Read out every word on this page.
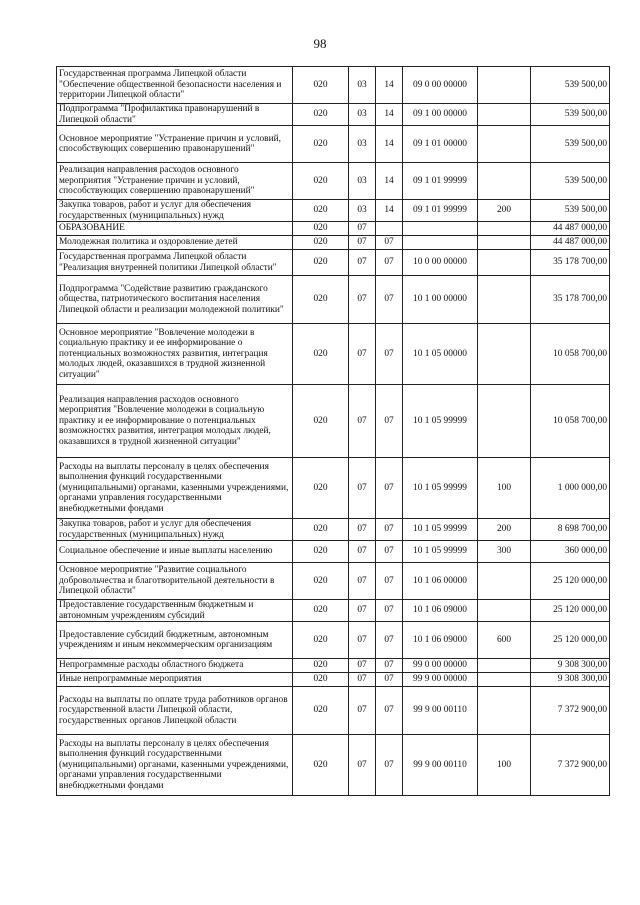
98
Государственная программа Липецкой области "Обеспечение общественной безопасности населения и территории Липецкой области"	020	03	14	09 0 00 00000		539 500,00
Подпрограмма "Профилактика правонарушений в Липецкой области"	020	03	14	09 1 00 00000		539 500,00
Основное мероприятие "Устранение причин и условий, способствующих совершению правонарушений"	020	03	14	09 1 01 00000		539 500,00
Реализация направления расходов основного мероприятия "Устранение причин и условий, способствующих совершению правонарушений"	020	03	14	09 1 01 99999		539 500,00
Закупка товаров, работ и услуг для обеспечения государственных (муниципальных) нужд	020	03	14	09 1 01 99999	200	539 500,00
ОБРАЗОВАНИЕ	020	07				44 487 000,00
Молодежная политика и оздоровление детей	020	07	07			44 487 000,00
Государственная программа Липецкой области "Реализация внутренней политики Липецкой области"	020	07	07	10 0 00 00000		35 178 700,00
Подпрограмма "Содействие развитию гражданского общества, патриотического воспитания населения Липецкой области и реализации молодежной политики"	020	07	07	10 1 00 00000		35 178 700,00
Основное мероприятие "Вовлечение молодежи в социальную практику и ее информирование о потенциальных возможностях развития, интеграция молодых людей, оказавшихся в трудной жизненной ситуации"	020	07	07	10 1 05 00000		10 058 700,00
Реализация направления расходов основного мероприятия "Вовлечение молодежи в социальную практику и ее информирование о потенциальных возможностях развития, интеграция молодых людей, оказавшихся в трудной жизненной ситуации"	020	07	07	10 1 05 99999		10 058 700,00
Расходы на выплаты персоналу в целях обеспечения выполнения функций государственными (муниципальными) органами, казенными учреждениями, органами управления государственными внебюджетными фондами	020	07	07	10 1 05 99999	100	1 000 000,00
Закупка товаров, работ и услуг для обеспечения государственных (муниципальных) нужд	020	07	07	10 1 05 99999	200	8 698 700,00
Социальное обеспечение и иные выплаты населению	020	07	07	10 1 05 99999	300	360 000,00
Основное мероприятие "Развитие социального добровольчества и благотворительной деятельности в Липецкой области"	020	07	07	10 1 06 00000		25 120 000,00
Предоставление государственным бюджетным и автономным учреждениям субсидий	020	07	07	10 1 06 09000		25 120 000,00
Предоставление субсидий бюджетным, автономным учреждениям и иным некоммерческим организациям	020	07	07	10 1 06 09000	600	25 120 000,00
Непрограммные расходы областного бюджета	020	07	07	99 0 00 00000		9 308 300,00
Иные непрограммные мероприятия	020	07	07	99 9 00 00000		9 308 300,00
Расходы на выплаты по оплате труда работников органов государственной власти Липецкой области, государственных органов Липецкой области	020	07	07	99 9 00 00110		7 372 900,00
Расходы на выплаты персоналу в целях обеспечения выполнения функций государственными (муниципальными) органами, казенными учреждениями, органами управления государственными внебюджетными фондами	020	07	07	99 9 00 00110	100	7 372 900,00
